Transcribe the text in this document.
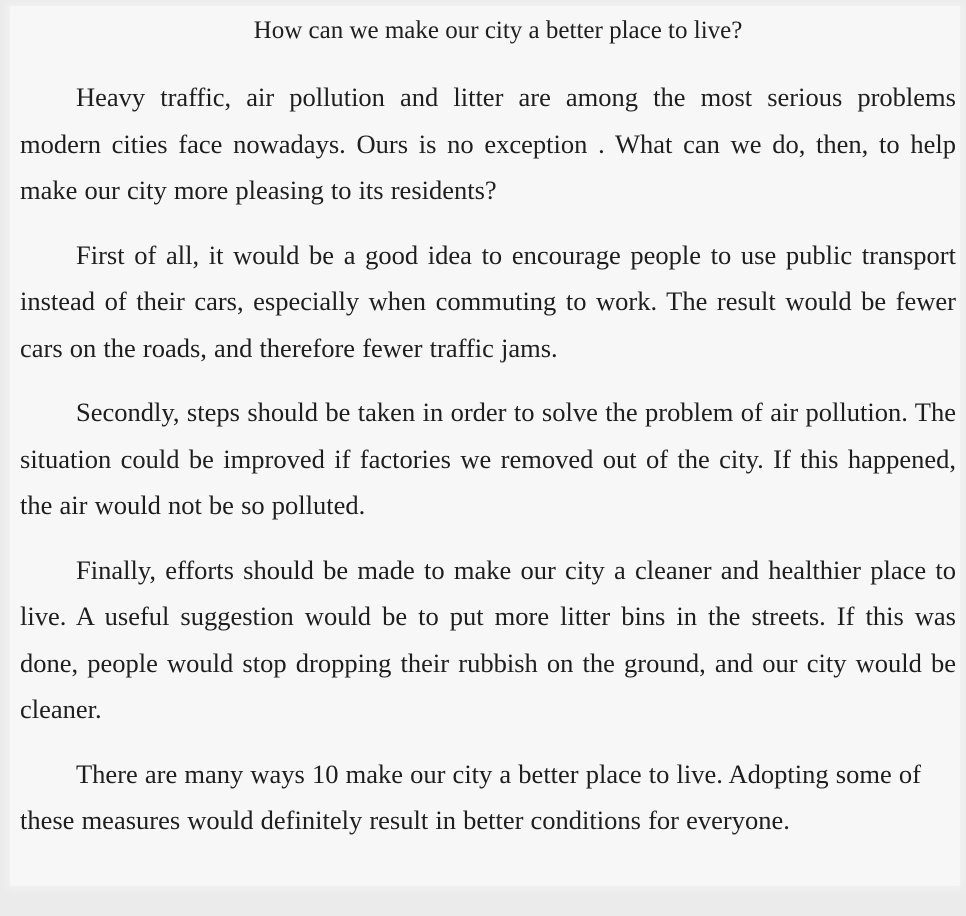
How can we make our city a better place to live?

Heavy traffic, air pollution and litter are among the most serious problems modern cities face nowadays. Ours is no exception . What can we do, then, to help make our city more pleasing to its residents?

First of all, it would be a good idea to encourage people to use public transport instead of their cars, especially when commuting to work. The result would be fewer cars on the roads, and therefore fewer traffic jams.

Secondly, steps should be taken in order to solve the problem of air pollution. The situation could be improved if factories we removed out of the city. If this happened, the air would not be so polluted.

Finally, efforts should be made to make our city a cleaner and healthier place to live. A useful suggestion would be to put more litter bins in the streets. If this was done, people would stop dropping their rubbish on the ground, and our city would be cleaner.

There are many ways 10 make our city a better place to live. Adopting some of these measures would definitely result in better conditions for everyone.
